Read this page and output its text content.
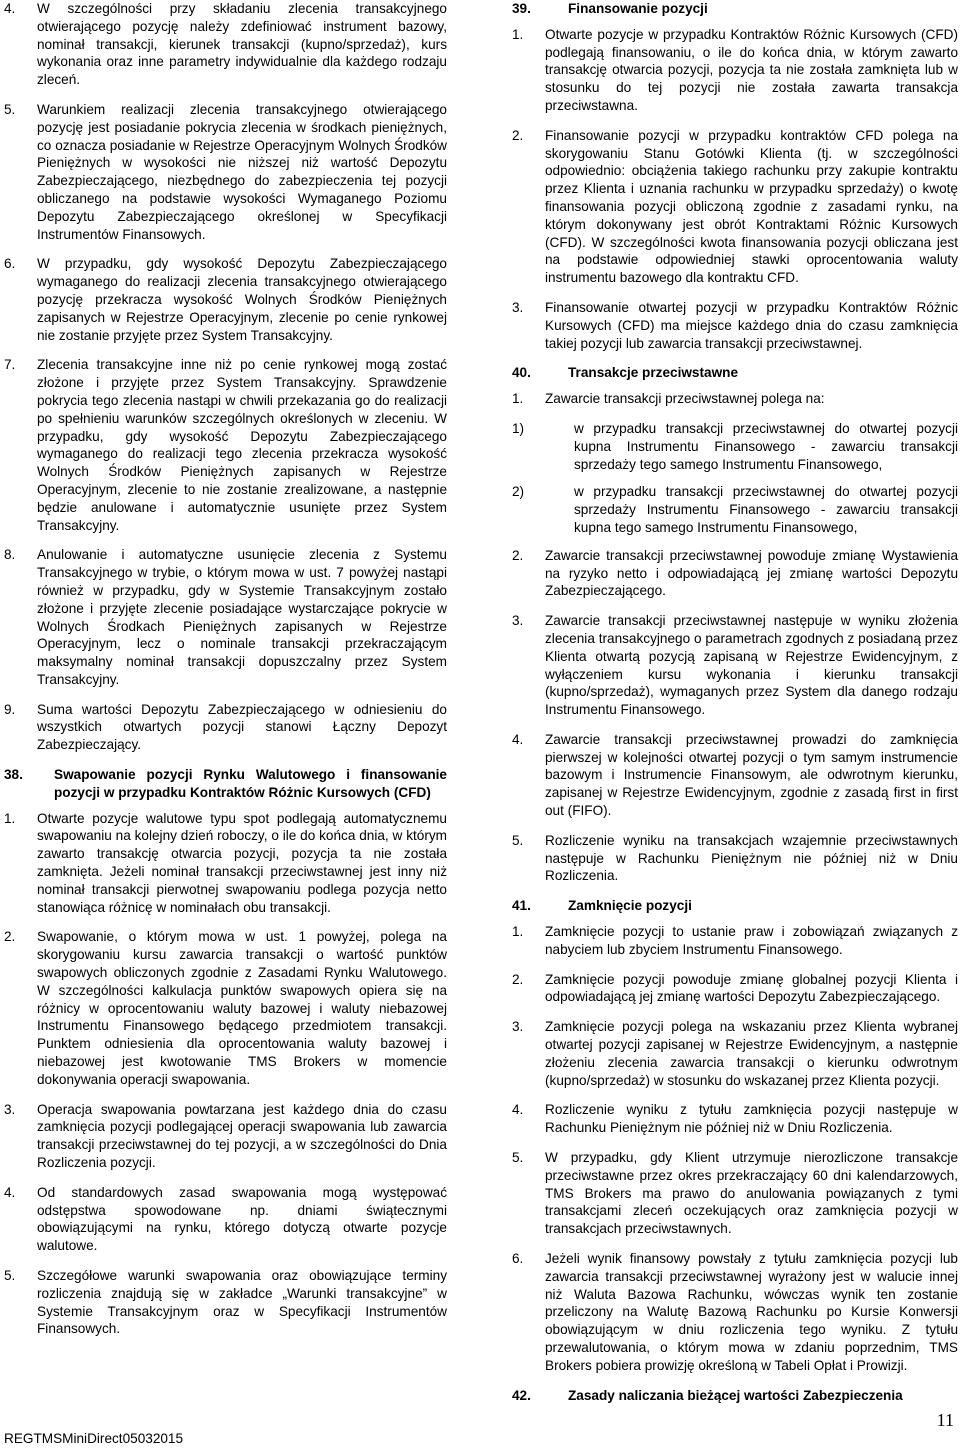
4.	W szczególności przy składaniu zlecenia transakcyjnego otwierającego pozycję należy zdefiniować instrument bazowy, nominał transakcji, kierunek transakcji (kupno/sprzedaż), kurs wykonania oraz inne parametry indywidualnie dla każdego rodzaju zleceń.
5.	Warunkiem realizacji zlecenia transakcyjnego otwierającego pozycję jest posiadanie pokrycia zlecenia w środkach pieniężnych, co oznacza posiadanie w Rejestrze Operacyjnym Wolnych Środków Pieniężnych w wysokości nie niższej niż wartość Depozytu Zabezpieczającego, niezbędnego do zabezpieczenia tej pozycji obliczanego na podstawie wysokości Wymaganego Poziomu Depozytu Zabezpieczającego określonej w Specyfikacji Instrumentów Finansowych.
6.	W przypadku, gdy wysokość Depozytu Zabezpieczającego wymaganego do realizacji zlecenia transakcyjnego otwierającego pozycję przekracza wysokość Wolnych Środków Pieniężnych zapisanych w Rejestrze Operacyjnym, zlecenie po cenie rynkowej nie zostanie przyjęte przez System Transakcyjny.
7.	Zlecenia transakcyjne inne niż po cenie rynkowej mogą zostać złożone i przyjęte przez System Transakcyjny. Sprawdzenie pokrycia tego zlecenia nastąpi w chwili przekazania go do realizacji po spełnieniu warunków szczególnych określonych w zleceniu. W przypadku, gdy wysokość Depozytu Zabezpieczającego wymaganego do realizacji tego zlecenia przekracza wysokość Wolnych Środków Pieniężnych zapisanych w Rejestrze Operacyjnym, zlecenie to nie zostanie zrealizowane, a następnie będzie anulowane i automatycznie usunięte przez System Transakcyjny.
8.	Anulowanie i automatyczne usunięcie zlecenia z Systemu Transakcyjnego w trybie, o którym mowa w ust. 7 powyżej nastąpi również w przypadku, gdy w Systemie Transakcyjnym zostało złożone i przyjęte zlecenie posiadające wystarczające pokrycie w Wolnych Środkach Pieniężnych zapisanych w Rejestrze Operacyjnym, lecz o nominale transakcji przekraczającym maksymalny nominał transakcji dopuszczalny przez System Transakcyjny.
9.	Suma wartości Depozytu Zabezpieczającego w odniesieniu do wszystkich otwartych pozycji stanowi Łączny Depozyt Zabezpieczający.
38.	Swapowanie pozycji Rynku Walutowego i finansowanie pozycji w przypadku Kontraktów Różnic Kursowych (CFD)
1.	Otwarte pozycje walutowe typu spot podlegają automatycznemu swapowaniu na kolejny dzień roboczy, o ile do końca dnia, w którym zawarto transakcję otwarcia pozycji, pozycja ta nie została zamknięta. Jeżeli nominał transakcji przeciwstawnej jest inny niż nominał transakcji pierwotnej swapowaniu podlega pozycja netto stanowiąca różnicę w nominałach obu transakcji.
2.	Swapowanie, o którym mowa w ust. 1 powyżej, polega na skorygowaniu kursu zawarcia transakcji o wartość punktów swapowych obliczonych zgodnie z Zasadami Rynku Walutowego. W szczególności kalkulacja punktów swapowych opiera się na różnicy w oprocentowaniu waluty bazowej i waluty niebazowej Instrumentu Finansowego będącego przedmiotem transakcji. Punktem odniesienia dla oprocentowania waluty bazowej i niebazowej jest kwotowanie TMS Brokers w momencie dokonywania operacji swapowania.
3.	Operacja swapowania powtarzana jest każdego dnia do czasu zamknięcia pozycji podlegającej operacji swapowania lub zawarcia transakcji przeciwstawnej do tej pozycji, a w szczególności do Dnia Rozliczenia pozycji.
4.	Od standardowych zasad swapowania mogą występować odstępstwa spowodowane np. dniami świątecznymi obowiązującymi na rynku, którego dotyczą otwarte pozycje walutowe.
5.	Szczegółowe warunki swapowania oraz obowiązujące terminy rozliczenia znajdują się w zakładce „Warunki transakcyjne” w Systemie Transakcyjnym oraz w Specyfikacji Instrumentów Finansowych.
39.	Finansowanie pozycji
1.	Otwarte pozycje w przypadku Kontraktów Różnic Kursowych (CFD) podlegają finansowaniu, o ile do końca dnia, w którym zawarto transakcję otwarcia pozycji, pozycja ta nie została zamknięta lub w stosunku do tej pozycji nie została zawarta transakcja przeciwstawna.
2.	Finansowanie pozycji w przypadku kontraktów CFD polega na skorygowaniu Stanu Gotówki Klienta (tj. w szczególności odpowiednio: obciążenia takiego rachunku przy zakupie kontraktu przez Klienta i uznania rachunku w przypadku sprzedaży) o kwotę finansowania pozycji obliczoną zgodnie z zasadami rynku, na którym dokonywany jest obrót Kontraktami Różnic Kursowych (CFD). W szczególności kwota finansowania pozycji obliczana jest na podstawie odpowiedniej stawki oprocentowania waluty instrumentu bazowego dla kontraktu CFD.
3.	Finansowanie otwartej pozycji w przypadku Kontraktów Różnic Kursowych (CFD) ma miejsce każdego dnia do czasu zamknięcia takiej pozycji lub zawarcia transakcji przeciwstawnej.
40.	Transakcje przeciwstawne
1.	Zawarcie transakcji przeciwstawnej polega na:
1)	w przypadku transakcji przeciwstawnej do otwartej pozycji kupna Instrumentu Finansowego - zawarciu transakcji sprzedaży tego samego Instrumentu Finansowego,
2)	w przypadku transakcji przeciwstawnej do otwartej pozycji sprzedaży Instrumentu Finansowego - zawarciu transakcji kupna tego samego Instrumentu Finansowego,
2.	Zawarcie transakcji przeciwstawnej powoduje zmianę Wystawienia na ryzyko netto i odpowiadającą jej zmianę wartości Depozytu Zabezpieczającego.
3.	Zawarcie transakcji przeciwstawnej następuje w wyniku złożenia zlecenia transakcyjnego o parametrach zgodnych z posiadaną przez Klienta otwartą pozycją zapisaną w Rejestrze Ewidencyjnym, z wyłączeniem kursu wykonania i kierunku transakcji (kupno/sprzedaż), wymaganych przez System dla danego rodzaju Instrumentu Finansowego.
4.	Zawarcie transakcji przeciwstawnej prowadzi do zamknięcia pierwszej w kolejności otwartej pozycji o tym samym instrumencie bazowym i Instrumencie Finansowym, ale odwrotnym kierunku, zapisanej w Rejestrze Ewidencyjnym, zgodnie z zasadą first in first out (FIFO).
5.	Rozliczenie wyniku na transakcjach wzajemnie przeciwstawnych następuje w Rachunku Pieniężnym nie później niż w Dniu Rozliczenia.
41.	Zamknięcie pozycji
1.	Zamknięcie pozycji to ustanie praw i zobowiązań związanych z nabyciem lub zbyciem Instrumentu Finansowego.
2.	Zamknięcie pozycji powoduje zmianę globalnej pozycji Klienta i odpowiadającą jej zmianę wartości Depozytu Zabezpieczającego.
3.	Zamknięcie pozycji polega na wskazaniu przez Klienta wybranej otwartej pozycji zapisanej w Rejestrze Ewidencyjnym, a następnie złożeniu zlecenia zawarcia transakcji o kierunku odwrotnym (kupno/sprzedaż) w stosunku do wskazanej przez Klienta pozycji.
4.	Rozliczenie wyniku z tytułu zamknięcia pozycji następuje w Rachunku Pieniężnym nie później niż w Dniu Rozliczenia.
5.	W przypadku, gdy Klient utrzymuje nierozliczone transakcje przeciwstawne przez okres przekraczający 60 dni kalendarzowych, TMS Brokers ma prawo do anulowania powiązanych z tymi transakcjami zleceń oczekujących oraz zamknięcia pozycji w transakcjach przeciwstawnych.
6.	Jeżeli wynik finansowy powstały z tytułu zamknięcia pozycji lub zawarcia transakcji przeciwstawnej wyrażony jest w walucie innej niż Waluta Bazowa Rachunku, wówczas wynik ten zostanie przeliczony na Walutę Bazową Rachunku po Kursie Konwersji obowiązującym w dniu rozliczenia tego wyniku. Z tytułu przewalutowania, o którym mowa w zdaniu poprzednim, TMS Brokers pobiera prowizję określoną w Tabeli Opłat i Prowizji.
42.	Zasady naliczania bieżącej wartości Zabezpieczenia
REGTMSMiniDirect05032015
11
